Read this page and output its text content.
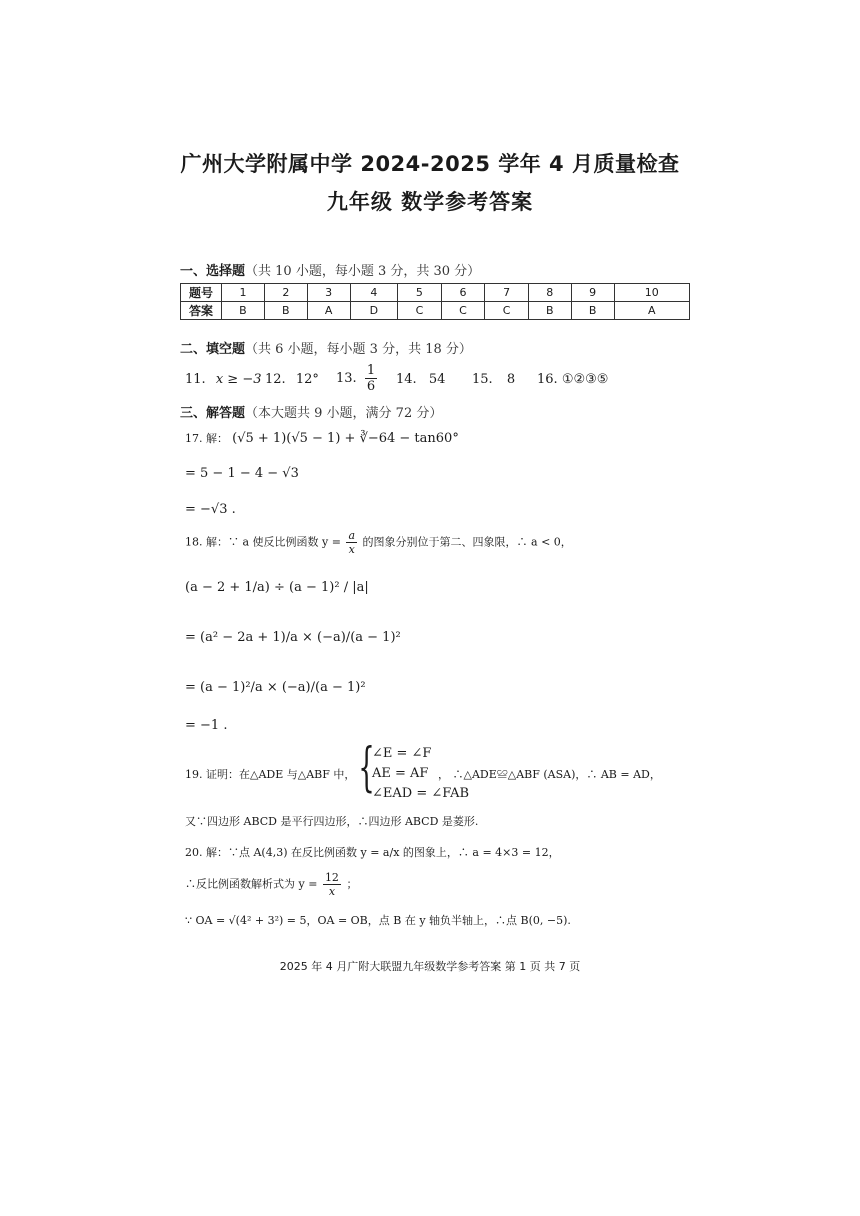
广州大学附属中学 2024-2025 学年 4 月质量检查
九年级 数学参考答案
一、选择题（共 10 小题，每小题 3 分，共 30 分）
题号	1	2	3	4	5	6	7	8	9	10
答案	B	B	A	D	C	C	C	B	B	A
二、填空题（共 6 小题，每小题 3 分，共 18 分）
11. x ≥ −3 12. 12° 13. $\frac{1}{6} 14$. 54 15. 8 16. ①②③⑤
三、解答题（本大题共 9 小题，满分 72 分）
17. 解： (√5 + 1)(√5 − 1) + ∛−64 − tan60°
= 5 − 1 − 4 − √3
= −√3 .
18. 解：∵ a 使反比例函数 $y = \frac{a}{x}$ 的图象分别位于第二、四象限，∴ a < 0，
(a − 2 + 1/a) ÷ (a − 1)² / |a|
= (a² − 2a + 1)/a × (−a)/(a − 1)²
= (a − 1)²/a × (−a)/(a − 1)²
= −1 .
19. 证明：在△ADE 与△ABF 中， {
∠E = ∠F
AE = AF
∠EAD = ∠FAB
， ∴△ADE≌△ABF (ASA)，∴ AB = AD，
又∵四边形 ABCD 是平行四边形，∴四边形 ABCD 是菱形.
20. 解：∵点 A(4,3) 在反比例函数 y = a/x 的图象上，∴ a = 4×3 = 12，
∴反比例函数解析式为 $y = \frac{12}{x}$ ；
∵ OA = √(4² + 3²) = 5，OA = OB，点 B 在 y 轴负半轴上，∴点 B(0, −5).
2025 年 4 月广附大联盟九年级数学参考答案 第 1 页 共 7 页
